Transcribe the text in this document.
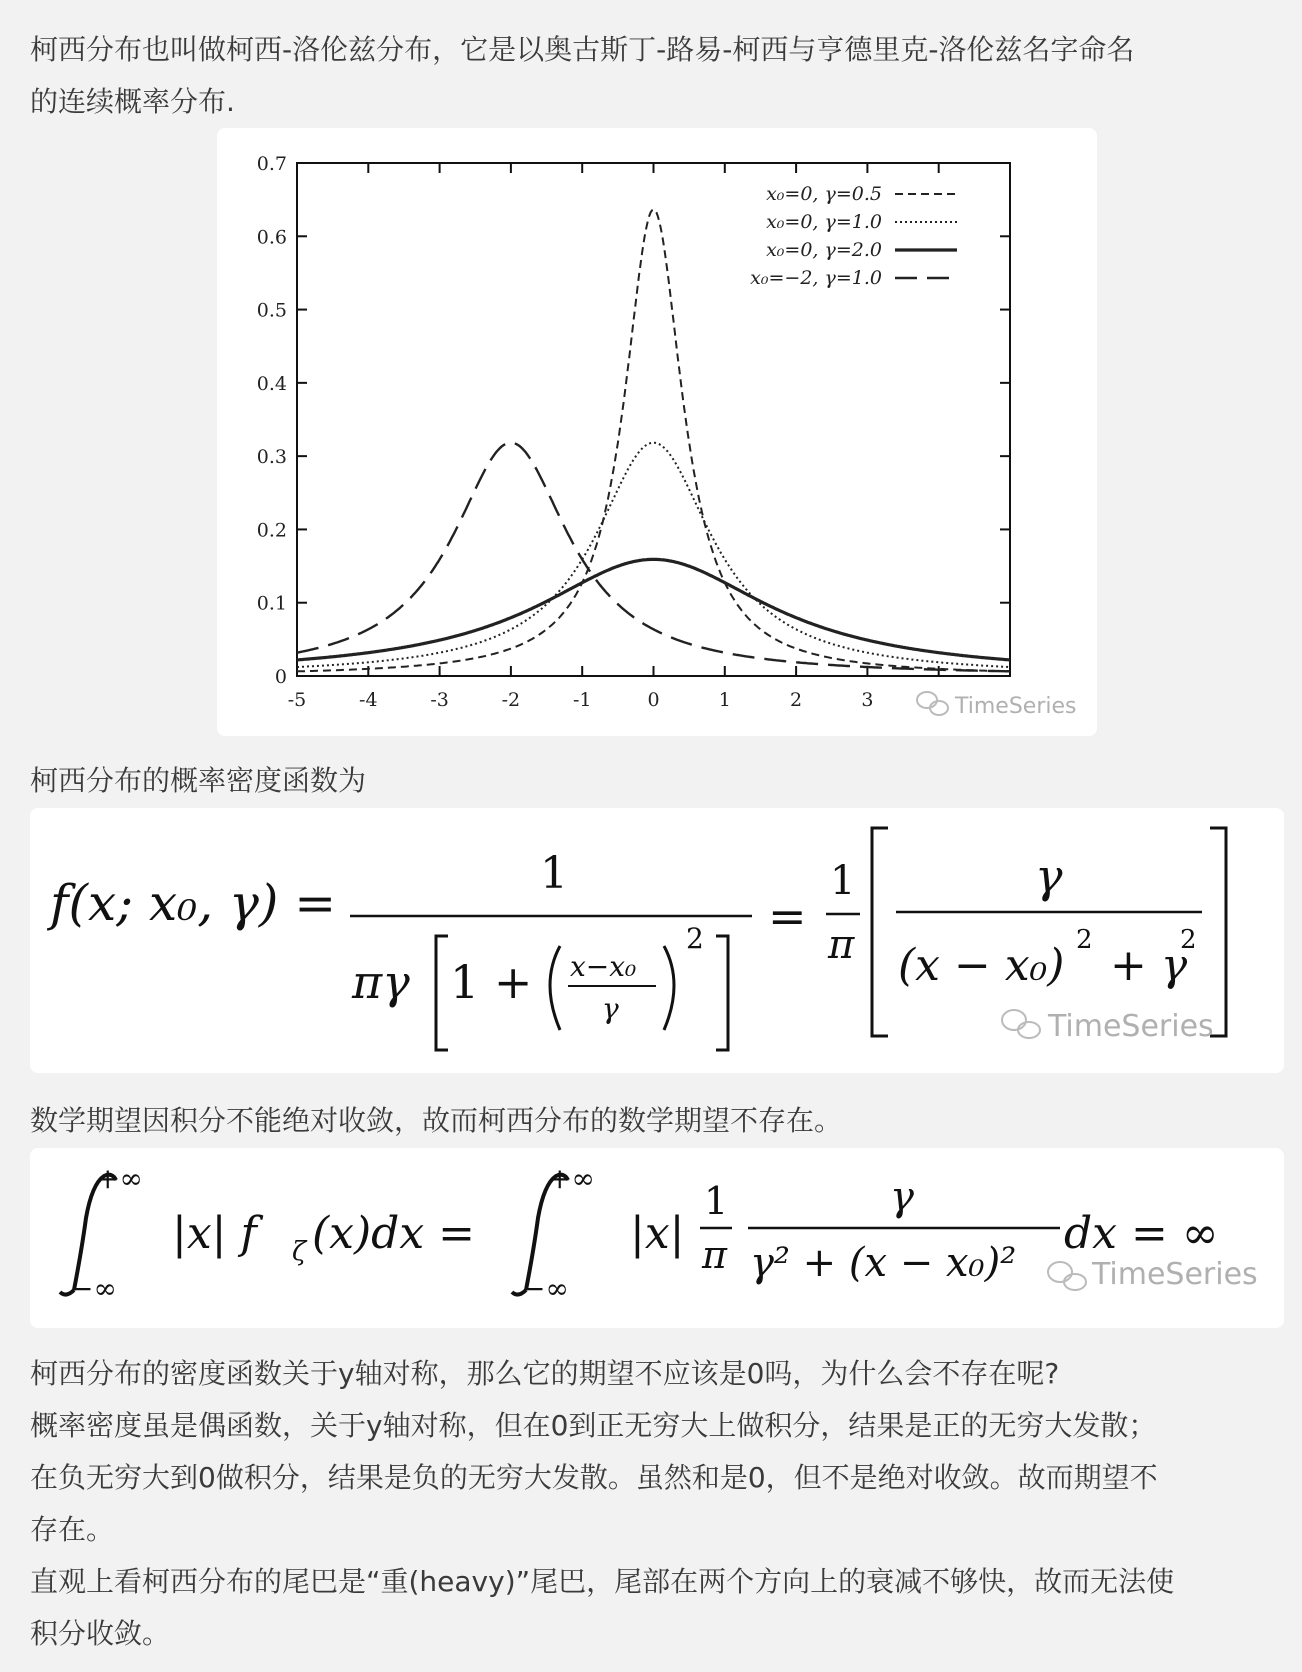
柯西分布也叫做柯西-洛伦兹分布，它是以奥古斯丁-路易-柯西与亨德里克-洛伦兹名字命名

的连续概率分布.

0
0.1
0.2
0.3
0.4
0.5
0.6
0.7
-5	-4	-3	-2	-1	0	1	2	3
x₀=0, γ=0.5
x₀=0, γ=1.0
x₀=0, γ=2.0
x₀=−2, γ=1.0
TimeSeries

柯西分布的概率密度函数为

f(x; x₀, γ) =
1
πγ 1 + x−x₀
γ
2 =
1
π
γ
(x − x₀) 2 + γ
2
TimeSeries

数学期望因积分不能绝对收敛，故而柯西分布的数学期望不存在。

+∞
−∞
|x| f ζ (x)dx =
+∞
−∞
|x|
1
π
γ
γ² + (x − x₀)²
dx = ∞
TimeSeries

柯西分布的密度函数关于y轴对称，那么它的期望不应该是0吗，为什么会不存在呢?

概率密度虽是偶函数，关于y轴对称，但在0到正无穷大上做积分，结果是正的无穷大发散；

在负无穷大到0做积分，结果是负的无穷大发散。虽然和是0，但不是绝对收敛。故而期望不

存在。

直观上看柯西分布的尾巴是“重(heavy)”尾巴，尾部在两个方向上的衰减不够快，故而无法使

积分收敛。
